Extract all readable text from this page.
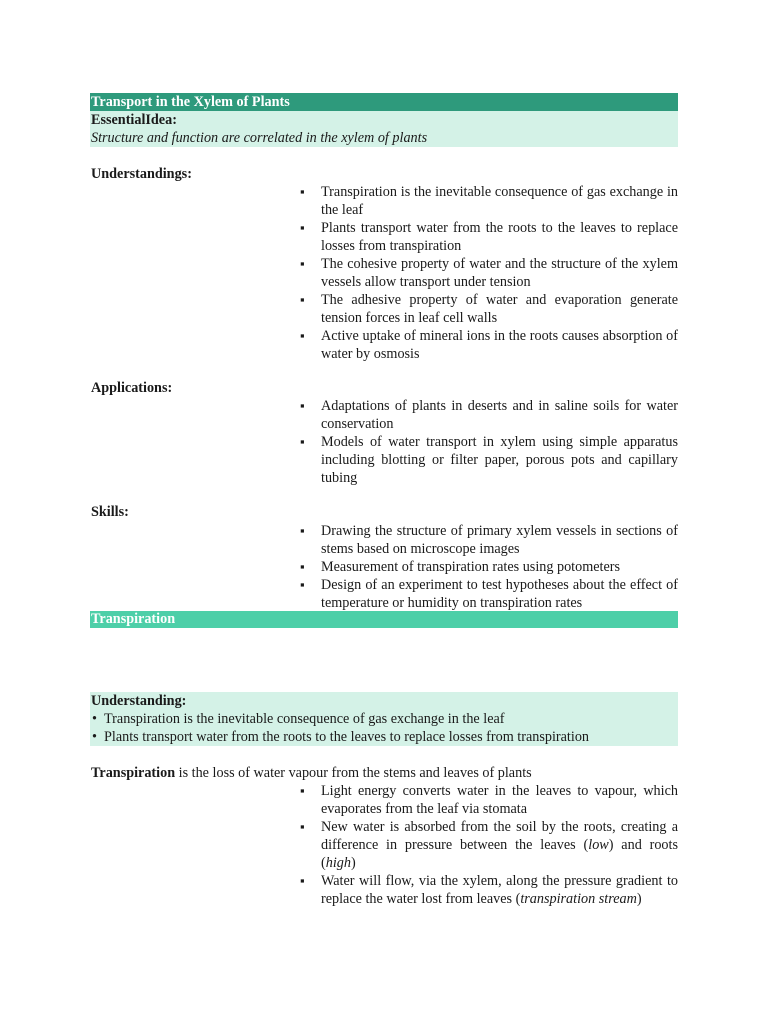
Transport in the Xylem of Plants
EssentialIdea:
Structure and function are correlated in the xylem of plants
Understandings:
▪ Transpiration is the inevitable consequence of gas exchange in the leaf
▪ Plants transport water from the roots to the leaves to replace losses from transpiration
▪ The cohesive property of water and the structure of the xylem vessels allow transport under tension
▪ The adhesive property of water and evaporation generate tension forces in leaf cell walls
▪ Active uptake of mineral ions in the roots causes absorption of water by osmosis
Applications:
▪ Adaptations of plants in deserts and in saline soils for water conservation
▪ Models of water transport in xylem using simple apparatus including blotting or filter paper, porous pots and capillary tubing
Skills:
▪ Drawing the structure of primary xylem vessels in sections of stems based on microscope images
▪ Measurement of transpiration rates using potometers
▪ Design of an experiment to test hypotheses about the effect of temperature or humidity on transpiration rates
Transpiration
Understanding:
• Transpiration is the inevitable consequence of gas exchange in the leaf
• Plants transport water from the roots to the leaves to replace losses from transpiration
Transpiration is the loss of water vapour from the stems and leaves of plants
▪ Light energy converts water in the leaves to vapour, which evaporates from the leaf via stomata
▪ New water is absorbed from the soil by the roots, creating a difference in pressure between the leaves (low) and roots (high)
▪ Water will flow, via the xylem, along the pressure gradient to replace the water lost from leaves (transpiration stream)
